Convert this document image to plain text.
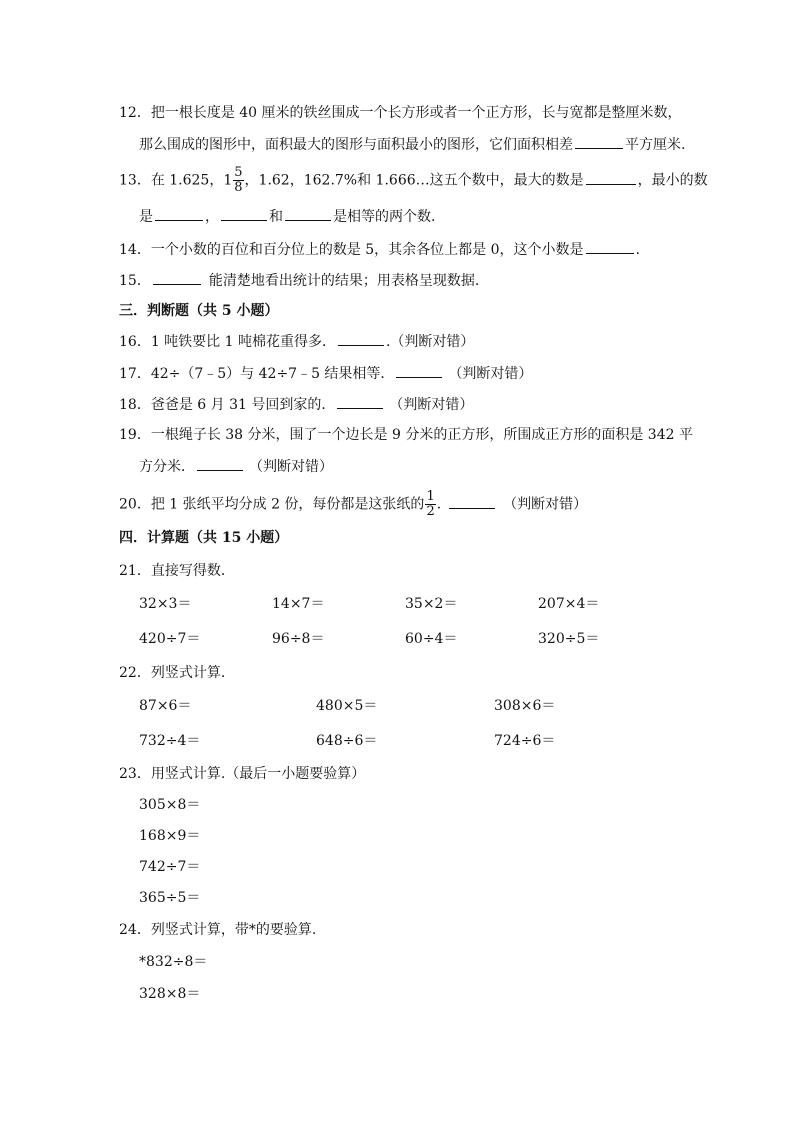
12．把一根长度是 40 厘米的铁丝围成一个长方形或者一个正方形，长与宽都是整厘米数，
那么围成的图形中，面积最大的图形与面积最小的图形，它们面积相差	平方厘米.
13．在 1.625，$1 \frac{5}{8}$ ，1.62，162.7%和 1.666…这五个数中，最大的数是	，最小的数
是	，	和	是相等的两个数.
14．一个小数的百位和百分位上的数是 5，其余各位上都是 0，这个小数是	.
15．	能清楚地看出统计的结果；用表格呈现数据.
三．判断题（共 5 小题）
16．1 吨铁要比 1 吨棉花重得多．	.（判断对错）
17．42÷（7﹣5）与 42÷7﹣5 结果相等．	（判断对错）
18．爸爸是 6 月 31 号回到家的．	（判断对错）
19．一根绳子长 38 分米，围了一个边长是 9 分米的正方形，所围成正方形的面积是 342 平
方分米．	（判断对错）
20．把 1 张纸平均分成 2 份，每份都是这张纸的 $\frac{1}{2}$ .	（判断对错）
四．计算题（共 15 小题）
21．直接写得数.
32×3＝	14×7＝	35×2＝	207×4＝
420÷7＝	96÷8＝	60÷4＝	320÷5＝
22．列竖式计算.
87×6＝	480×5＝	308×6＝
732÷4＝	648÷6＝	724÷6＝
23．用竖式计算.（最后一小题要验算）
305×8＝
168×9＝
742÷7＝
365÷5＝
24．列竖式计算，带*的要验算.
*832÷8＝
328×8＝
